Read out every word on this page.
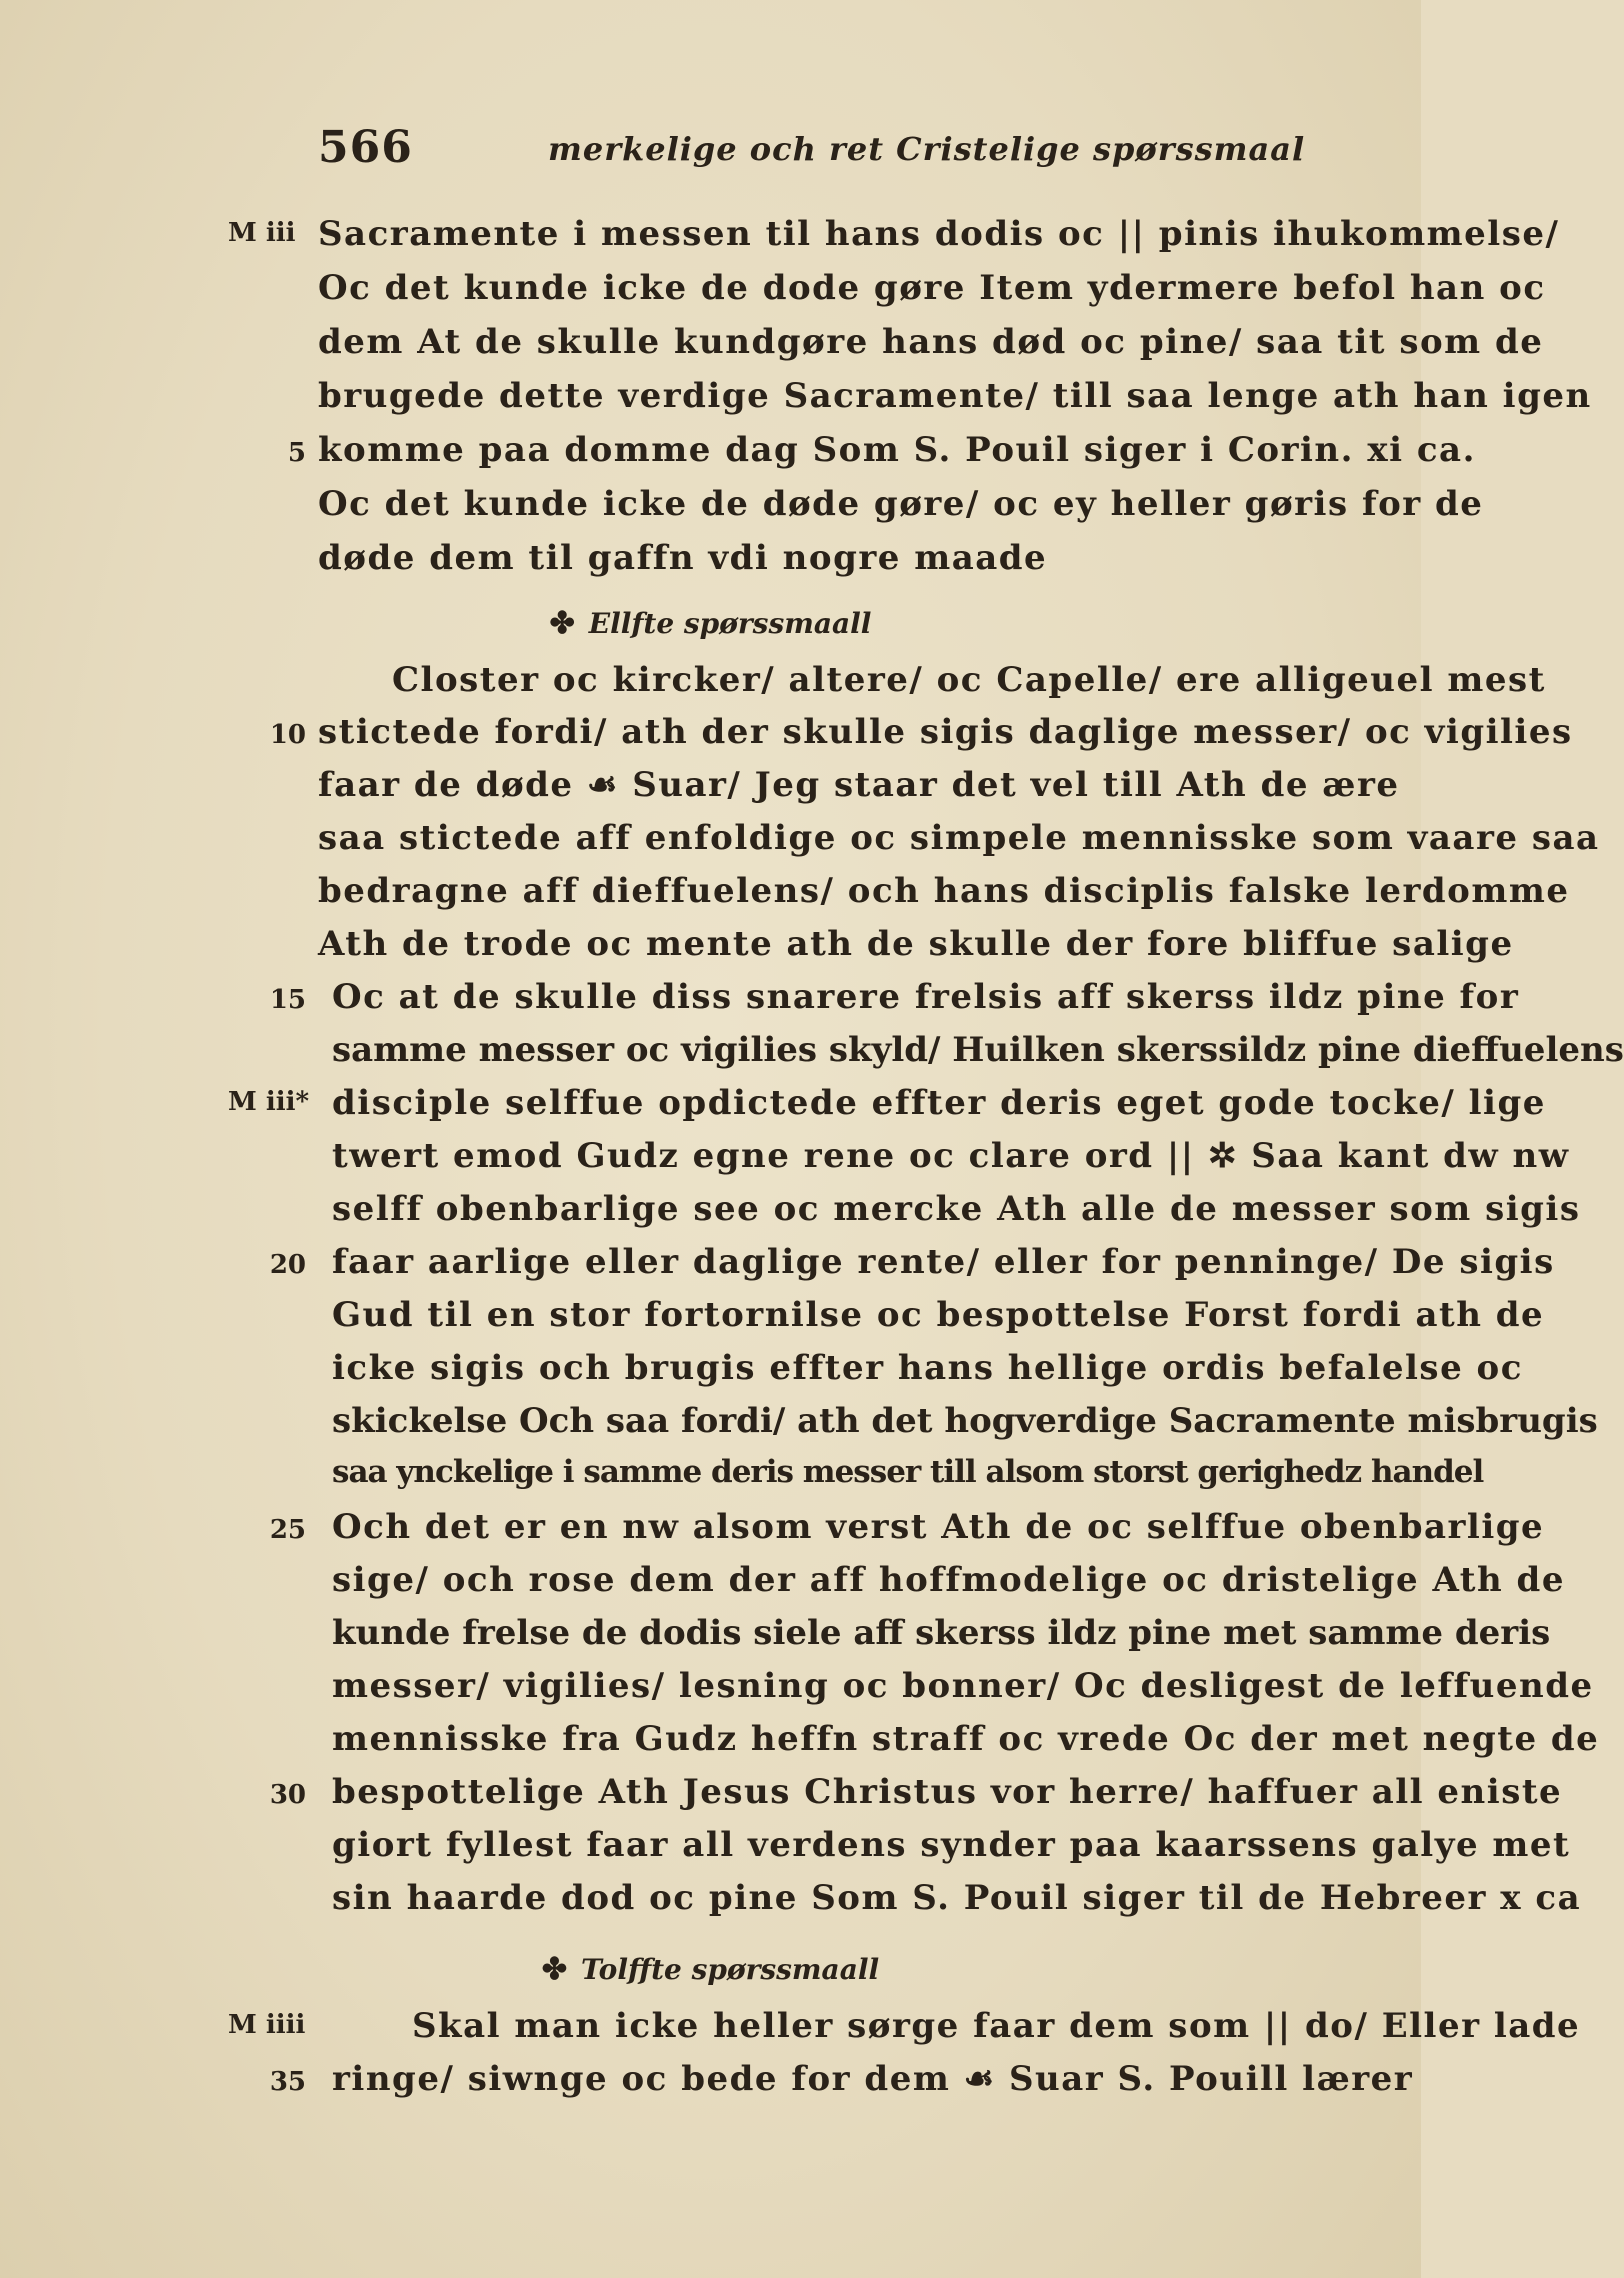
566	merkelige och ret Cristelige spørssmaal
M iii Sacramente i messen til hans dodis oc || pinis ihukommelse/
Oc det kunde icke de dode gøre Item ydermere befol han oc
dem At de skulle kundgøre hans død oc pine/ saa tit som de
brugede dette verdige Sacramente/ till saa lenge ath han igen
5 komme paa domme dag Som S. Pouil siger i Corin. xi ca.
Oc det kunde icke de døde gøre/ oc ey heller gøris for de
døde dem til gaffn vdi nogre maade
✤ Ellfte spørssmaall
Closter oc kircker/ altere/ oc Capelle/ ere alligeuel mest
10 stictede fordi/ ath der skulle sigis daglige messer/ oc vigilies
faar de døde ☙ Suar/ Jeg staar det vel till Ath de ære
saa stictede aff enfoldige oc simpele mennisske som vaare saa
bedragne aff dieffuelens/ och hans disciplis falske lerdomme
Ath de trode oc mente ath de skulle der fore bliffue salige
15 Oc at de skulle diss snarere frelsis aff skerss ildz pine for
samme messer oc vigilies skyld/ Huilken skerssildz pine dieffuelens
M iii* disciple selffue opdictede effter deris eget gode tocke/ lige
twert emod Gudz egne rene oc clare ord || ✲ Saa kant dw nw
selff obenbarlige see oc mercke Ath alle de messer som sigis
20 faar aarlige eller daglige rente/ eller for penninge/ De sigis
Gud til en stor fortornilse oc bespottelse Forst fordi ath de
icke sigis och brugis effter hans hellige ordis befalelse oc
skickelse Och saa fordi/ ath det hogverdige Sacramente misbrugis
saa ynckelige i samme deris messer till alsom storst gerighedz handel
25 Och det er en nw alsom verst Ath de oc selffue obenbarlige
sige/ och rose dem der aff hoffmodelige oc dristelige Ath de
kunde frelse de dodis siele aff skerss ildz pine met samme deris
messer/ vigilies/ lesning oc bonner/ Oc desligest de leffuende
mennisske fra Gudz heffn straff oc vrede Oc der met negte de
30 bespottelige Ath Jesus Christus vor herre/ haffuer all eniste
giort fyllest faar all verdens synder paa kaarssens galye met
sin haarde dod oc pine Som S. Pouil siger til de Hebreer x ca
✤ Tolffte spørssmaall
M iiii	Skal man icke heller sørge faar dem som || do/ Eller lade
35 ringe/ siwnge oc bede for dem ☙ Suar S. Pouill lærer
